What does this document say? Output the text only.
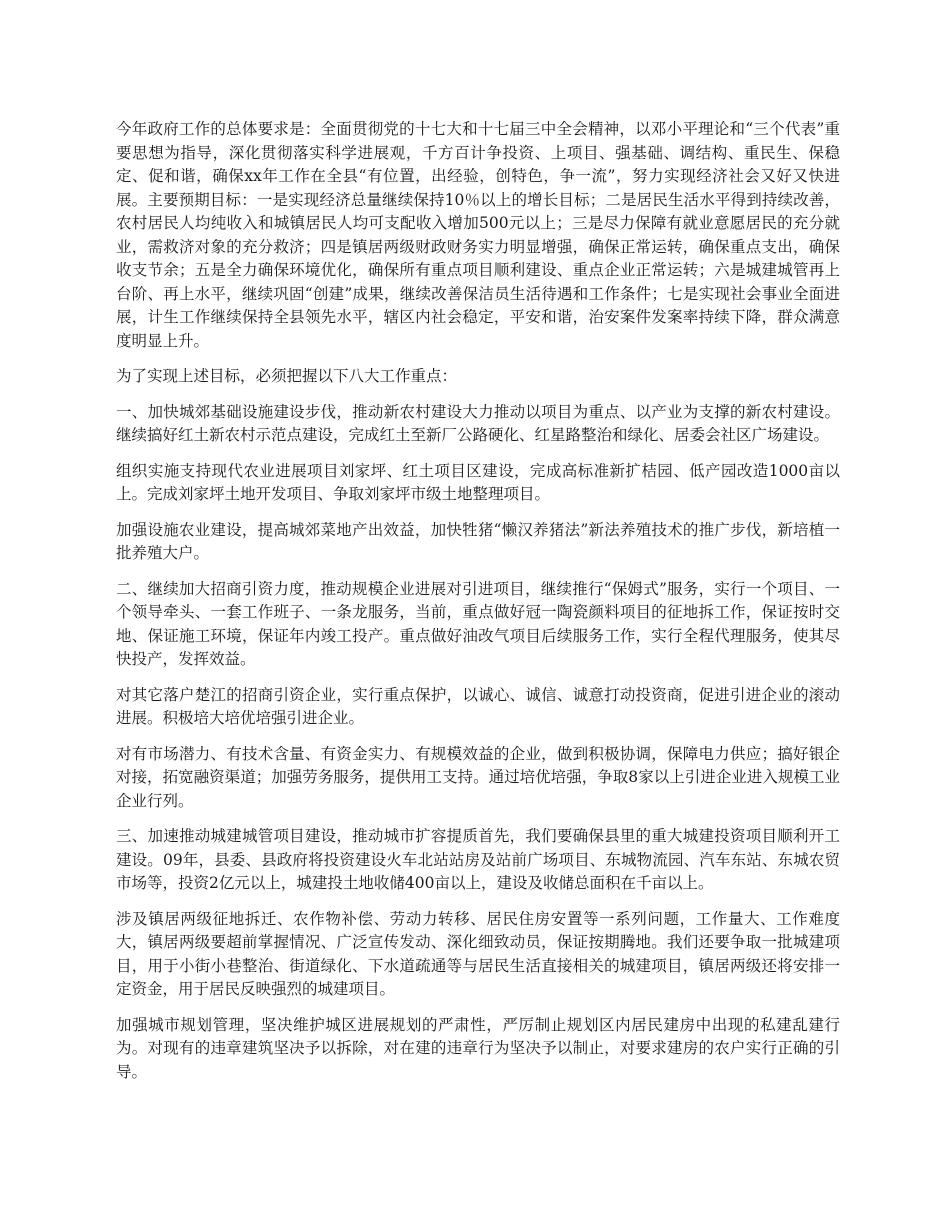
今年政府工作的总体要求是：全面贯彻党的十七大和十七届三中全会精神，以邓小平理论和“三个代表”重要思想为指导，深化贯彻落实科学进展观，千方百计争投资、上项目、强基础、调结构、重民生、保稳定、促和谐，确保xx年工作在全县“有位置，出经验，创特色，争一流”，努力实现经济社会又好又快进展。主要预期目标：一是实现经济总量继续保持10％以上的增长目标；二是居民生活水平得到持续改善，农村居民人均纯收入和城镇居民人均可支配收入增加500元以上；三是尽力保障有就业意愿居民的充分就业，需救济对象的充分救济；四是镇居两级财政财务实力明显增强，确保正常运转，确保重点支出，确保收支节余；五是全力确保环境优化，确保所有重点项目顺利建设、重点企业正常运转；六是城建城管再上台阶、再上水平，继续巩固“创建”成果，继续改善保洁员生活待遇和工作条件；七是实现社会事业全面进展，计生工作继续保持全县领先水平，辖区内社会稳定，平安和谐，治安案件发案率持续下降，群众满意度明显上升。

为了实现上述目标，必须把握以下八大工作重点：

一、加快城郊基础设施建设步伐，推动新农村建设大力推动以项目为重点、以产业为支撑的新农村建设。继续搞好红土新农村示范点建设，完成红土至新厂公路硬化、红星路整治和绿化、居委会社区广场建设。

组织实施支持现代农业进展项目刘家坪、红土项目区建设，完成高标准新扩桔园、低产园改造1000亩以上。完成刘家坪土地开发项目、争取刘家坪市级土地整理项目。

加强设施农业建设，提高城郊菜地产出效益，加快牲猪“懒汉养猪法”新法养殖技术的推广步伐，新培植一批养殖大户。

二、继续加大招商引资力度，推动规模企业进展对引进项目，继续推行“保姆式”服务，实行一个项目、一个领导牵头、一套工作班子、一条龙服务，当前，重点做好冠一陶瓷颜料项目的征地拆工作，保证按时交地、保证施工环境，保证年内竣工投产。重点做好油改气项目后续服务工作，实行全程代理服务，使其尽快投产，发挥效益。

对其它落户楚江的招商引资企业，实行重点保护，以诚心、诚信、诚意打动投资商，促进引进企业的滚动进展。积极培大培优培强引进企业。

对有市场潜力、有技术含量、有资金实力、有规模效益的企业，做到积极协调，保障电力供应；搞好银企对接，拓宽融资渠道；加强劳务服务，提供用工支持。通过培优培强，争取8家以上引进企业进入规模工业企业行列。

三、加速推动城建城管项目建设，推动城市扩容提质首先，我们要确保县里的重大城建投资项目顺利开工建设。09年，县委、县政府将投资建设火车北站站房及站前广场项目、东城物流园、汽车东站、东城农贸市场等，投资2亿元以上，城建投土地收储400亩以上，建设及收储总面积在千亩以上。

涉及镇居两级征地拆迁、农作物补偿、劳动力转移、居民住房安置等一系列问题，工作量大、工作难度大，镇居两级要超前掌握情况、广泛宣传发动、深化细致动员，保证按期腾地。我们还要争取一批城建项目，用于小街小巷整治、街道绿化、下水道疏通等与居民生活直接相关的城建项目，镇居两级还将安排一定资金，用于居民反映强烈的城建项目。

加强城市规划管理，坚决维护城区进展规划的严肃性，严厉制止规划区内居民建房中出现的私建乱建行为。对现有的违章建筑坚决予以拆除，对在建的违章行为坚决予以制止，对要求建房的农户实行正确的引导。
